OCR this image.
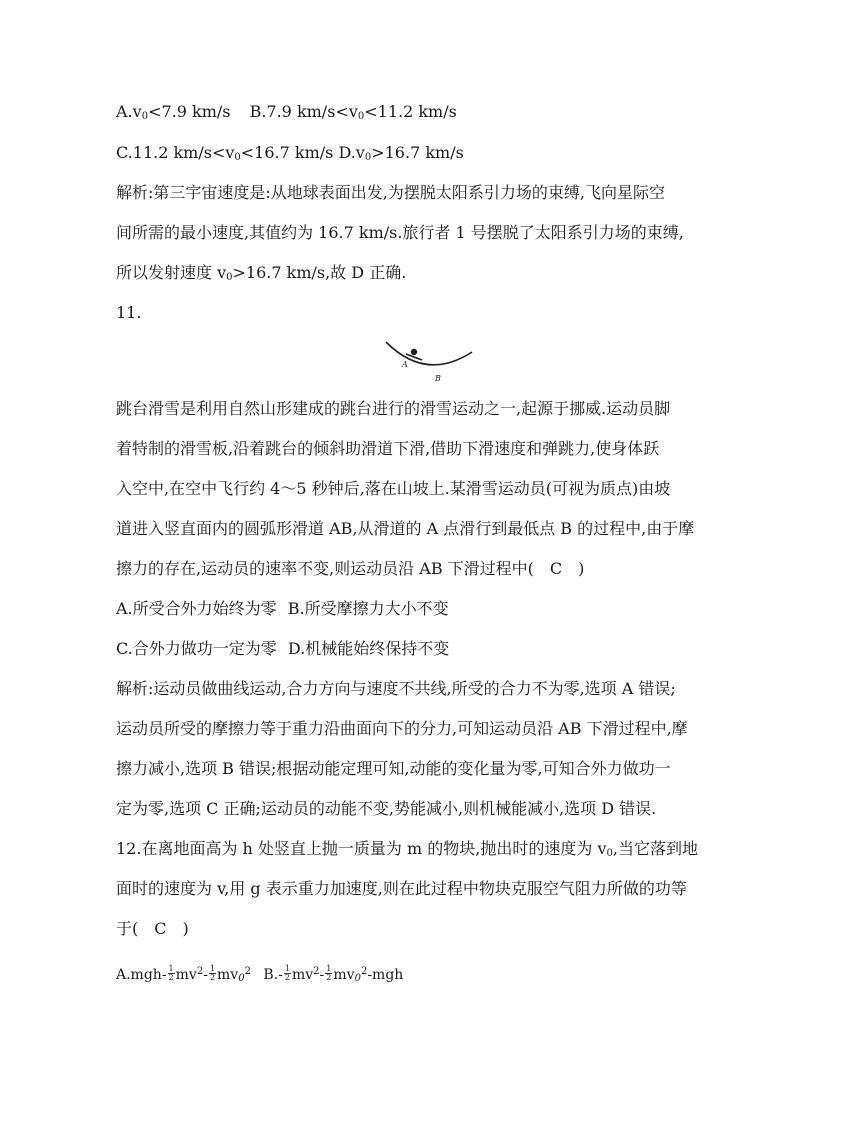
$A.v_0<7.9$ km/s B.7.9 $km/s<v_0<11.2$ km/s
C.11.2 $km/s<v_0<16.7$ km/s $D.v_0>16.7$ km/s
解析:第三宇宙速度是:从地球表面出发,为摆脱太阳系引力场的束缚,飞向星际空
间所需的最小速度,其值约为 16.7 km/s.旅行者 1 号摆脱了太阳系引力场的束缚,
所以发射速度 $v_0>16.7$ km/s,故 D 正确.
11.
A
B
跳台滑雪是利用自然山形建成的跳台进行的滑雪运动之一,起源于挪威.运动员脚
着特制的滑雪板,沿着跳台的倾斜助滑道下滑,借助下滑速度和弹跳力,使身体跃
入空中,在空中飞行约 4～5 秒钟后,落在山坡上.某滑雪运动员(可视为质点)由坡
道进入竖直面内的圆弧形滑道 AB,从滑道的 A 点滑行到最低点 B 的过程中,由于摩
擦力的存在,运动员的速率不变,则运动员沿 AB 下滑过程中( C )
A.所受合外力始终为零 B.所受摩擦力大小不变
C.合外力做功一定为零 D.机械能始终保持不变
解析:运动员做曲线运动,合力方向与速度不共线,所受的合力不为零,选项 A 错误;
运动员所受的摩擦力等于重力沿曲面向下的分力,可知运动员沿 AB 下滑过程中,摩
擦力减小,选项 B 错误;根据动能定理可知,动能的变化量为零,可知合外力做功一
定为零,选项 C 正确;运动员的动能不变,势能减小,则机械能减小,选项 D 错误.
12.在离地面高为 h 处竖直上抛一质量为 m 的物块,抛出时的速度为 $v_0$,当它落到地
面时的速度为 v,用 g 表示重力加速度,则在此过程中物块克服空气阻力所做的功等
于( C )
$A.mgh- \frac{1}{2} mv^2- \frac{1}{2} mv_0^2$ $B.- \frac{1}{2} mv^2- \frac{1}{2} mv_0^2-mgh$
